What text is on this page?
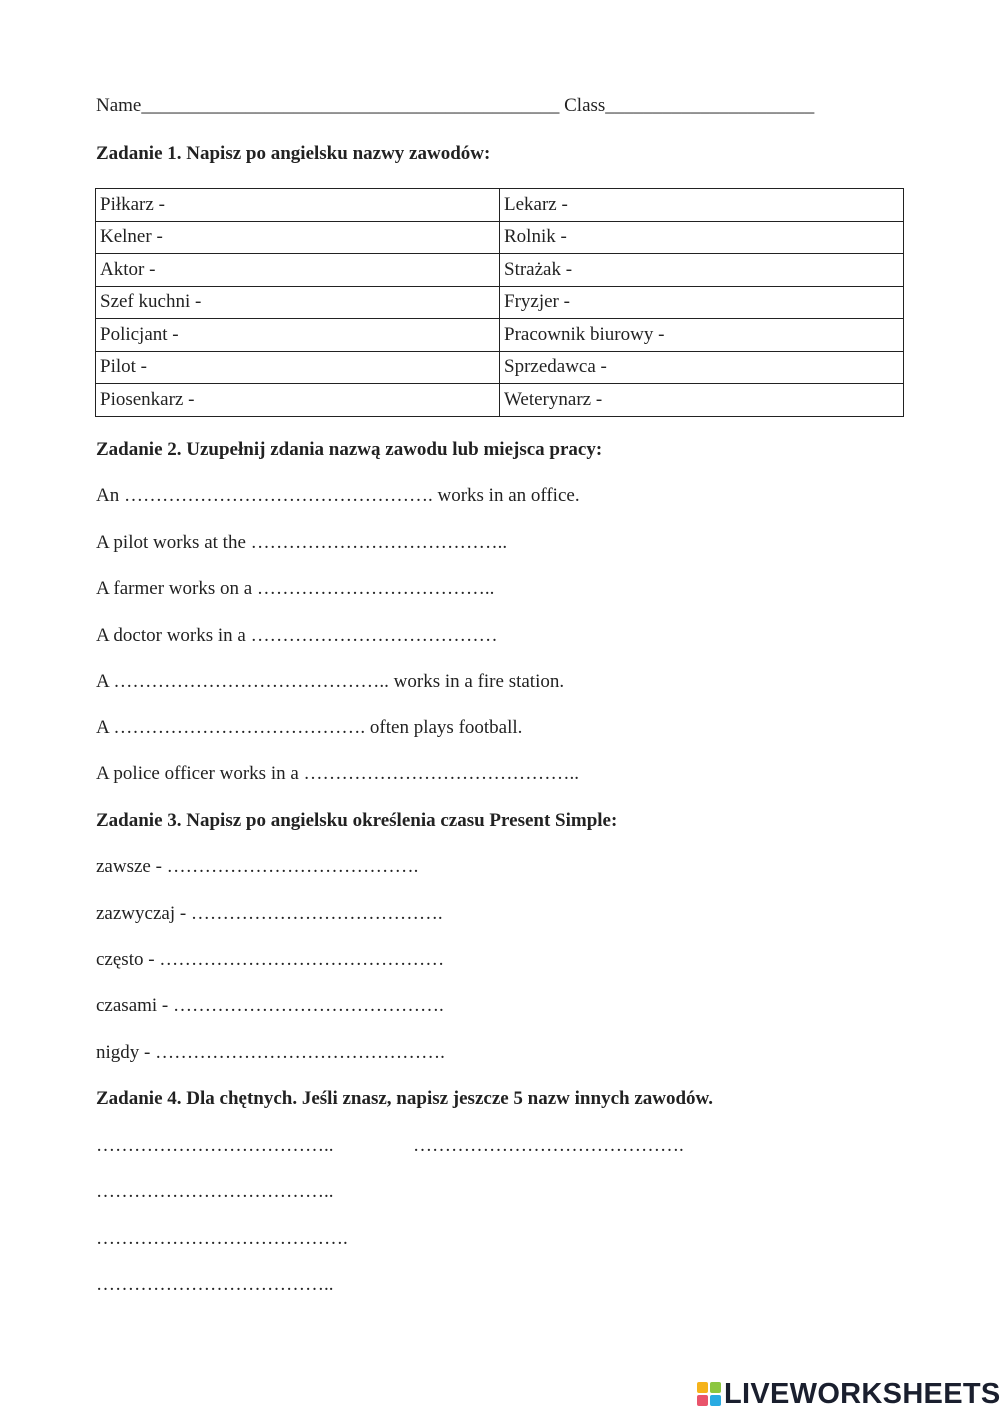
Name____________________________________________ Class______________________
Zadanie 1. Napisz po angielsku nazwy zawodów:
Piłkarz -	Lekarz -
Kelner -	Rolnik -
Aktor -	Strażak -
Szef kuchni -	Fryzjer -
Policjant -	Pracownik biurowy -
Pilot -	Sprzedawca -
Piosenkarz -	Weterynarz -
Zadanie 2. Uzupełnij zdania nazwą zawodu lub miejsca pracy:
An …………………………………………. works in an office.
A pilot works at the …………………………………..
A farmer works on a ………………………………..
A doctor works in a …………………………………
A …………………………………….. works in a fire station.
A …………………………………. often plays football.
A police officer works in a ……………………………………..
Zadanie 3. Napisz po angielsku określenia czasu Present Simple:
zawsze - ………………………………….
zazwyczaj - ………………………………….
często - ………………………………………
czasami - …………………………………….
nigdy - ……………………………………….
Zadanie 4. Dla chętnych. Jeśli znasz, napisz jeszcze 5 nazw innych zawodów.
………………………………..	…………………………………….
………………………………..
………………………………….
………………………………..
LIVEWORKSHEETS
